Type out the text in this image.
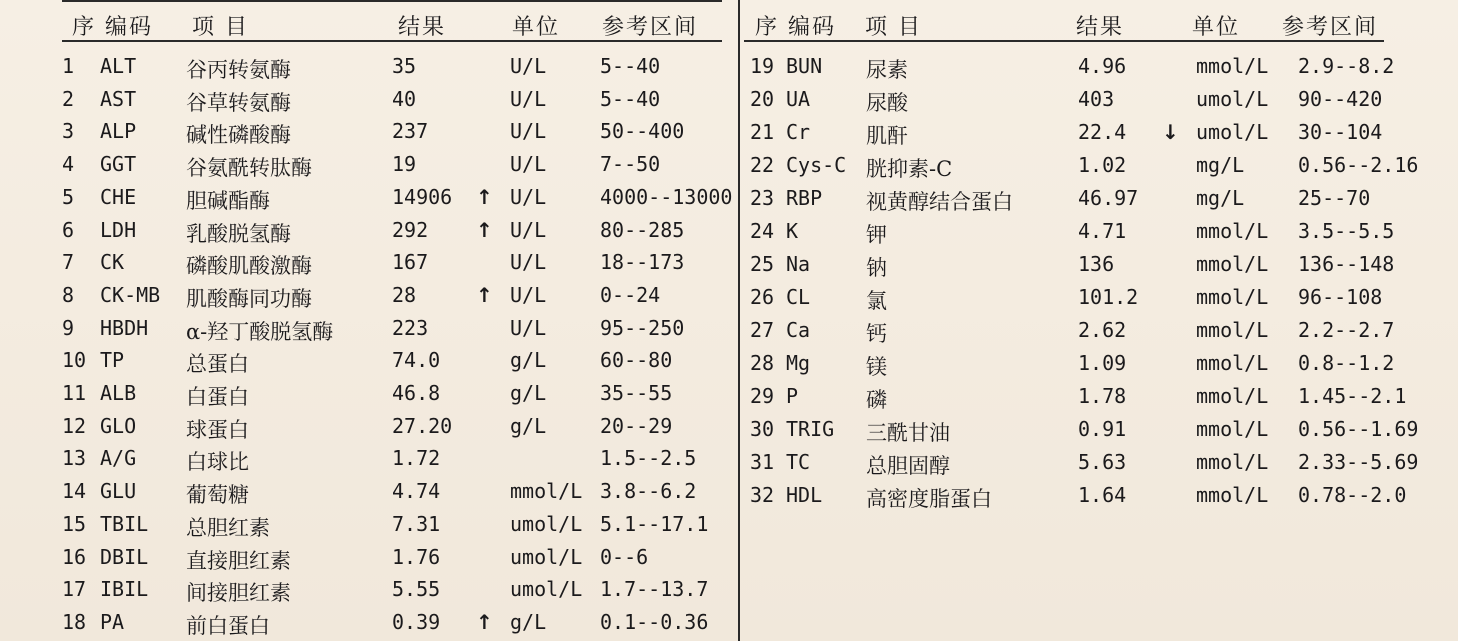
序 编码 项 目	结果	单位 参考区间	序 编码 项 目	结果	单位 参考区间
1 ALT 谷丙转氨酶	35	U/L	5--40
2 AST 谷草转氨酶	40	U/L	5--40
3 ALP 碱性磷酸酶	237	U/L	50--400
4 GGT 谷氨酰转肽酶	19	U/L	7--50
5 CHE 胆碱酯酶	14906 ↑ U/L	4000--13000
6 LDH 乳酸脱氢酶	292 ↑ U/L	80--285
7 CK	磷酸肌酸激酶	167	U/L	18--173
8 CK-MB 肌酸酶同功酶	28	↑ U/L	0--24
9 HBDH α-羟丁酸脱氢酶	223	U/L	95--250
10 TP	总蛋白	74.0	g/L	60--80
11 ALB 白蛋白	46.8	g/L	35--55
12 GLO 球蛋白	27.20	g/L	20--29
13 A/G 白球比	1.72	1.5--2.5
14 GLU 葡萄糖	4.74	mmol/L 3.8--6.2
15 TBIL 总胆红素	7.31	umol/L 5.1--17.1
16 DBIL 直接胆红素	1.76	umol/L 0--6
17 IBIL 间接胆红素	5.55	umol/L 1.7--13.7
18 PA	前白蛋白	0.39 ↑ g/L	0.1--0.36
19 BUN 尿素	4.96	mmol/L 2.9--8.2
20 UA	尿酸	403	umol/L 90--420
21 Cr	肌酐	22.4 ↓ umol/L 30--104
22 Cys-C 胱抑素-C	1.02	mg/L	0.56--2.16
23 RBP 视黄醇结合蛋白	46.97	mg/L	25--70
24 K	钾	4.71	mmol/L 3.5--5.5
25 Na	钠	136	mmol/L 136--148
26 CL	氯	101.2	mmol/L 96--108
27 Ca	钙	2.62	mmol/L 2.2--2.7
28 Mg	镁	1.09	mmol/L 0.8--1.2
29 P	磷	1.78	mmol/L 1.45--2.1
30 TRIG 三酰甘油	0.91	mmol/L 0.56--1.69
31 TC	总胆固醇	5.63	mmol/L 2.33--5.69
32 HDL 高密度脂蛋白	1.64	mmol/L 0.78--2.0
